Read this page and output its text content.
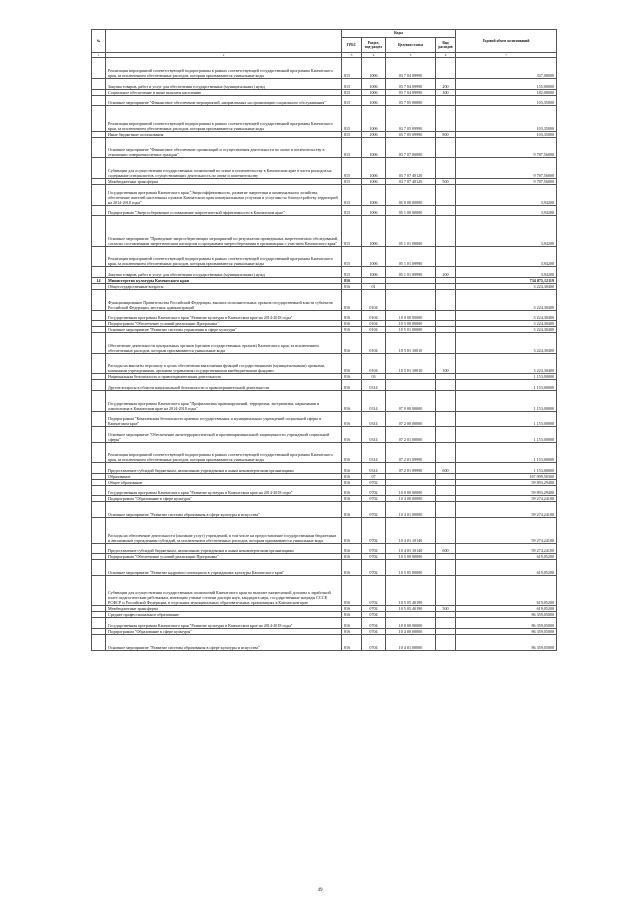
№		Коды				Годовой объем ассигнований
		ГРБС	Раздел, под-раздел	Целевая статья	Вид расходов	
1	2	3	4	5	6	7
	Реализация мероприятий соответствующей подпрограммы в рамках соответствующей государственной программы Камчатского края, за исключением обеспеченных расходов, которым присваиваются уникальные коды	815	1006	03 7 04 09990		337,08000
	Закупка товаров, работ и услуг для обеспечения государственных (муниципальных) нужд	815	1006	03 7 04 09990	200	155,00000
	Социальное обеспечение и иные выплаты населению	815	1006	03 7 04 09990	300	182,08000
	Основное мероприятие "Финансовое обеспечение мероприятий, направленных на организацию социального обслуживания"	815	1006	03 7 05 00000		103,35000
	Реализация мероприятий соответствующей подпрограммы в рамках соответствующей государственной программы Камчатского края, за исключением обеспеченных расходов, которым присваиваются уникальные коды	815	1006	03 7 05 09990		103,35000
	Иные бюджетные ассигнования	815	1006	03 7 05 09990	800	103,35000
	Основное мероприятие "Финансовое обеспечение организаций и осуществления деятельности по опеке и попечительству в отношении совершеннолетних граждан"	815	1006	03 7 07 00000		9 787,56000
	Субвенции для осуществления государственных полномочий по опеке и попечительству в Камчатском крае в части расходов на содержание специалистов, осуществляющих деятельность по опеке и попечительству	815	1006	03 7 07 40120		9 787,56000
	Межбюджетные трансферты	815	1006	03 7 07 40120	500	9 787,56000
	Государственная программа Камчатского края "Энергоэффективность, развитие энергетики и коммунального хозяйства, обеспечение жителей населенных пунктов Камчатского края коммунальными услугами и услугами по благоустройству территорий на 2014-2018 годы"	815	1006	05 0 00 00000		3,94200
	Подпрограмма "Энергосбережение и повышение энергетической эффективности в Камчатском крае"	815	1006	05 1 00 00000		3,94200
	Основное мероприятие "Проведение энергосберегающих мероприятий по результатам проведенных энергетических обследований, согласно составленным энергетическим паспортам и программам энергосбережения в организациях с участием Камчатского края"	815	1006	05 1 01 00000		3,94200
	Реализация мероприятий соответствующей подпрограммы в рамках соответствующей государственной программы Камчатского края, за исключением обеспеченных расходов, которым присваиваются уникальные коды	815	1006	05 1 01 09990		3,94200
	Закупка товаров, работ и услуг для обеспечения государственных (муниципальных) нужд	815	1006	05 1 01 09990	200	3,94200
14	Министерство культуры Камчатского края	816				734 075,12119
	Общегосударственные вопросы	816	01			3 224,30400
	Функционирование Правительства Российской Федерации, высших исполнительных органов государственной власти субъектов Российской Федерации, местных администраций	816	0104			3 224,30400
	Государственная программа Камчатского края "Развитие культуры в Камчатском крае на 2014-2018 годы"	816	0104	10 0 00 00000		3 224,30400
	Подпрограмма "Обеспечение условий реализации Программы"	816	0104	10 5 00 00000		3 224,30400
	Основное мероприятие "Развитие системы управления в сфере культуры"	816	0104	10 5 01 00000		3 224,30400
	Обеспечение деятельности центральных органов (органов государственных органов) Камчатского края, за исключением обеспеченных расходов, которым присваиваются уникальные коды	816	0104	10 5 01 10010		3 224,30400
	Расходы на выплаты персоналу в целях обеспечения выполнения функций государственными (муниципальными) органами, казенными учреждениями, органами управления государственными внебюджетными фондами	816	0104	10 5 01 10010	100	3 224,30400
	Национальная безопасность и правоохранительная деятельность	816	03			1 153,00000
	Другие вопросы в области национальной безопасности и правоохранительной деятельности	816	0314			1 153,00000
	Государственная программа Камчатского края "Профилактика правонарушений, терроризма, экстремизма, наркомании и алкоголизма в Камчатском крае на 2014-2018 годы"	816	0314	07 0 00 00000		1 153,00000
	Подпрограмма "Комплексная безопасность краевых государственных и муниципальных учреждений социальной сферы в Камчатском крае"	816	0314	07 2 00 00000		1 153,00000
	Основное мероприятие "Обеспечение антитеррористической и противокриминальной защищенности учреждений социальной сферы"	816	0314	07 2 01 00000		1 153,00000
	Реализация мероприятий соответствующей подпрограммы в рамках соответствующей государственной программы Камчатского края, за исключением обеспеченных расходов, которым присваиваются уникальные коды	816	0314	07 2 01 09990		1 153,00000
	Предоставление субсидий бюджетным, автономным учреждениям и иным некоммерческим организациям	816	0314	07 2 01 09990	600	1 153,00000
	Образование	816	07			167 099,50300
	Общее образование	816	0702			59 893,29400
	Государственная программа Камчатского края "Развитие культуры в Камчатском крае на 2014-2018 годы"	816	0702	10 0 00 00000		59 893,29400
	Подпрограмма "Образование в сфере культуры"	816	0702	10 4 00 00000		59 274,24100
	Основное мероприятие "Развитие системы образования в сфере культуры и искусства"	816	0702	10 4 01 00000		59 274,24100
	Расходы на обеспечение деятельности (оказание услуг) учреждений, в том числе на предоставление государственным бюджетным и автономным учреждениям субсидий, за исключением обеспеченных расходов, которым присваиваются уникальные коды	816	0702	10 4 01 10140		59 274,24100
	Предоставление субсидий бюджетным, автономным учреждениям и иным некоммерческим организациям	816	0702	10 4 01 10140	600	59 274,24100
	Подпрограмма "Обеспечение условий реализации Программы"	816	0702	10 5 00 00000		619,05200
	Основное мероприятие "Развитие кадрового потенциала в учреждениях культуры Камчатского края"	816	0702	10 5 05 00000		619,05200
	Субвенции для осуществления государственных полномочий Камчатского края по выплате ежемесячной доплаты к заработной плате педагогическим работникам, имеющим ученые степени доктора наук, кандидата наук, государственные награды СССР, РСФСР и Российской Федерации, в отдельных муниципальных образовательных организациях в Камчатском крае	816	0702	10 5 05 40190		619,05200
	Межбюджетные трансферты	816	0702	10 5 05 40190	500	619,05200
	Среднее профессиональное образование	816	0704			86 359,05000
	Государственная программа Камчатского края "Развитие культуры в Камчатском крае на 2014-2018 годы"	816	0704	10 0 00 00000		86 359,05000
	Подпрограмма "Образование в сфере культуры"	816	0704	10 4 00 00000		86 359,05000
	Основное мероприятие "Развитие системы образования в сфере культуры и искусства"	816	0704	10 4 01 00000		86 359,05000
49
